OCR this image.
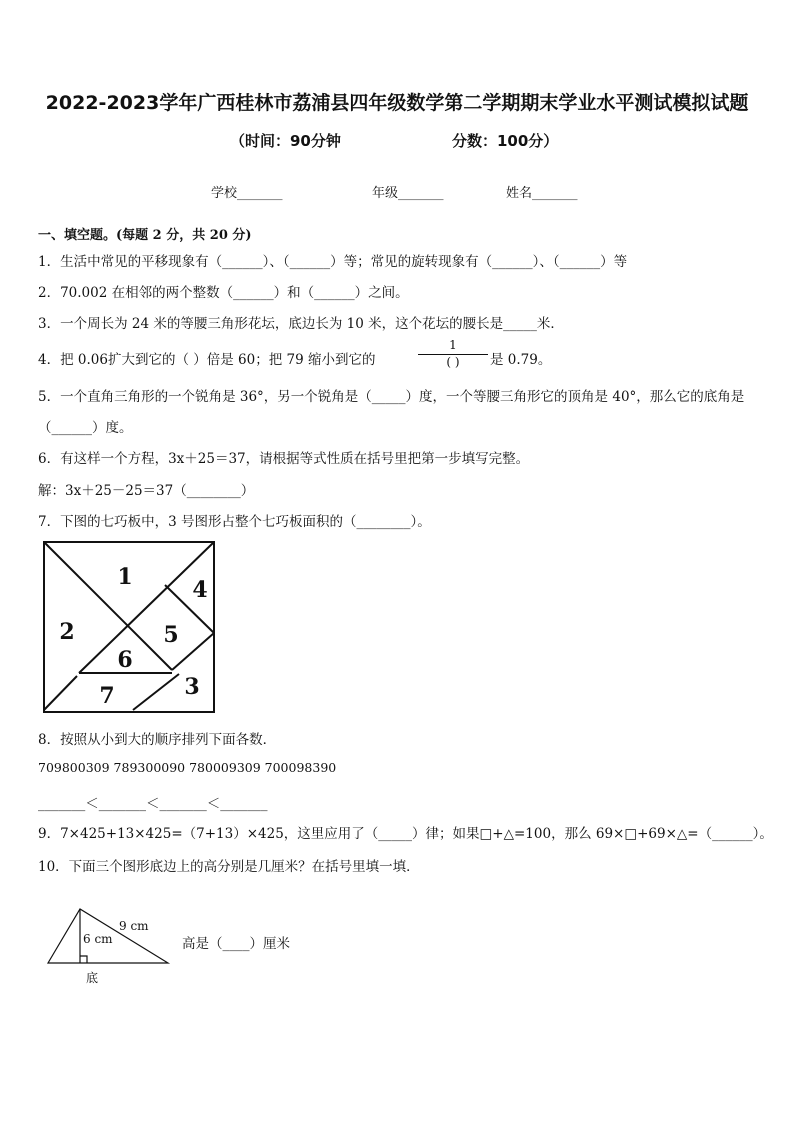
2022-2023学年广西桂林市荔浦县四年级数学第二学期期末学业水平测试模拟试题
（时间：90分钟	分数：100分）
学校_______	年级_______	姓名_______
一、填空题。(每题 2 分，共 20 分)
1．生活中常见的平移现象有（______）、（______）等；常见的旋转现象有（______）、（______）等
2．70.002 在相邻的两个整数（______）和（______）之间。
3．一个周长为 24 米的等腰三角形花坛，底边长为 10 米，这个花坛的腰长是_____米．
4．把 0.06扩大到它的（ ）倍是 60；把 79 缩小到它的
1
( )	是 0.79。
5．一个直角三角形的一个锐角是 36°，另一个锐角是（_____）度，一个等腰三角形它的顶角是 40°，那么它的底角是
（______）度。
6．有这样一个方程，3x＋25＝37，请根据等式性质在括号里把第一步填写完整。
解：3x＋25－25＝37（________）
7．下图的七巧板中，3 号图形占整个七巧板面积的（________）。
1
2
3
4
5
6
7
8．按照从小到大的顺序排列下面各数．
709800309 789300090 780009309 700098390
_______＜_______＜_______＜_______
9．7×425+13×425=（7+13）×425，这里应用了（_____）律；如果□+△=100，那么 69×□+69×△=（______）。
10．下面三个图形底边上的高分别是几厘米？在括号里填一填．
9 cm
6 cm
底
高是（____）厘米
